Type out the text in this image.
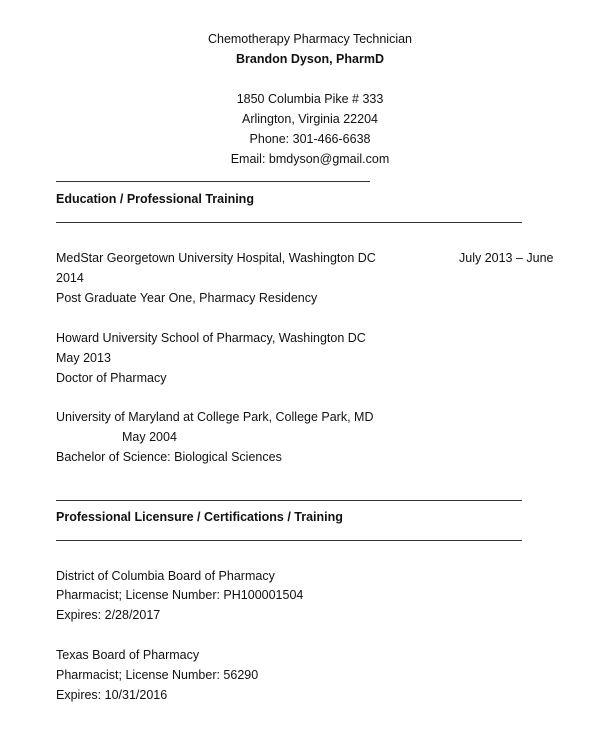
Chemotherapy Pharmacy Technician
Brandon Dyson, PharmD
1850 Columbia Pike # 333
Arlington, Virginia 22204
Phone: 301-466-6638
Email: bmdyson@gmail.com
Education / Professional Training
MedStar Georgetown University Hospital, Washington DC	July 2013 – June
2014
Post Graduate Year One, Pharmacy Residency
Howard University School of Pharmacy, Washington DC
May 2013
Doctor of Pharmacy
University of Maryland at College Park, College Park, MD
May 2004
Bachelor of Science: Biological Sciences
Professional Licensure / Certifications / Training
District of Columbia Board of Pharmacy
Pharmacist; License Number: PH100001504
Expires: 2/28/2017
Texas Board of Pharmacy
Pharmacist; License Number: 56290
Expires: 10/31/2016
